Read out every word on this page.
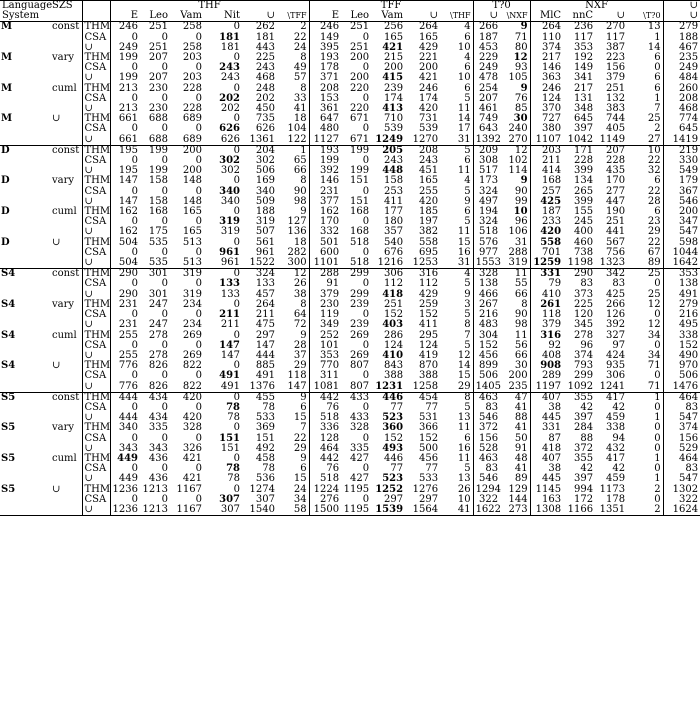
Language	SZS		THF						TFF					T?0		NXF				∪
System			E	Leo	Vam	Nit	∪	\TFF	E	Leo	Vam	∪	\THF	∪	\NXF	MlC	nnC	∪	\T?0	∪
M	const	THM	246	251	258	0	262	2	246	251	256	264	4	266	9	264	236	270	13	279
		CSA	0	0	0	181	181	22	149	0	165	165	6	187	71	110	117	117	1	188
		∪	249	251	258	181	443	24	395	251	421	429	10	453	80	374	353	387	14	467
M	vary	THM	199	207	203	0	225	8	193	200	215	221	4	229	12	217	192	223	6	235
		CSA	0	0	0	243	243	49	178	0	200	200	6	249	93	146	149	156	0	249
		∪	199	207	203	243	468	57	371	200	415	421	10	478	105	363	341	379	6	484
M	cuml	THM	213	230	228	0	248	8	208	220	239	246	6	254	9	246	217	251	6	260
		CSA	0	0	0	202	202	33	153	0	174	174	5	207	76	124	131	132	1	208
		∪	213	230	228	202	450	41	361	220	413	420	11	461	85	370	348	383	7	468
M	∪	THM	661	688	689	0	735	18	647	671	710	731	14	749	30	727	645	744	25	774
		CSA	0	0	0	626	626	104	480	0	539	539	17	643	240	380	397	405	2	645
		∪	661	688	689	626	1361	122	1127	671	1249	1270	31	1392	270	1107	1042	1149	27	1419
D	const	THM	195	199	200	0	204	1	193	199	205	208	5	209	12	203	171	207	10	219
		CSA	0	0	0	302	302	65	199	0	243	243	6	308	102	211	228	228	22	330
		∪	195	199	200	302	506	66	392	199	448	451	11	517	114	414	399	435	32	549
D	vary	THM	147	158	148	0	169	8	146	151	158	165	4	173	9	168	134	170	6	179
		CSA	0	0	0	340	340	90	231	0	253	255	5	324	90	257	265	277	22	367
		∪	147	158	148	340	509	98	377	151	411	420	9	497	99	425	399	447	28	546
D	cuml	THM	162	168	165	0	188	9	162	168	177	185	6	194	10	187	155	190	6	200
		CSA	0	0	0	319	319	127	170	0	180	197	5	324	96	233	245	251	23	347
		∪	162	175	165	319	507	136	332	168	357	382	11	518	106	420	400	441	29	547
D	∪	THM	504	535	513	0	561	18	501	518	540	558	15	576	31	558	460	567	22	598
		CSA	0	0	0	961	961	282	600	0	676	695	16	977	288	701	738	756	67	1044
		∪	504	535	513	961	1522	300	1101	518	1216	1253	31	1553	319	1259	1198	1323	89	1642
S4	const	THM	290	301	319	0	324	12	288	299	306	316	4	328	11	331	290	342	25	353
		CSA	0	0	0	133	133	26	91	0	112	112	5	138	55	79	83	83	0	138
		∪	290	301	319	133	457	38	379	299	418	429	9	466	66	410	373	425	25	491
S4	vary	THM	231	247	234	0	264	8	230	239	251	259	3	267	8	261	225	266	12	279
		CSA	0	0	0	211	211	64	119	0	152	152	5	216	90	118	120	126	0	216
		∪	231	247	234	211	475	72	349	239	403	411	8	483	98	379	345	392	12	495
S4	cuml	THM	255	278	269	0	297	9	252	269	286	295	7	304	11	316	278	327	34	338
		CSA	0	0	0	147	147	28	101	0	124	124	5	152	56	92	96	97	0	152
		∪	255	278	269	147	444	37	353	269	410	419	12	456	66	408	374	424	34	490
S4	∪	THM	776	826	822	0	885	29	770	807	843	870	14	899	30	908	793	935	71	970
		CSA	0	0	0	491	491	118	311	0	388	388	15	506	200	289	299	306	0	506
		∪	776	826	822	491	1376	147	1081	807	1231	1258	29	1405	235	1197	1092	1241	71	1476
S5	const	THM	444	434	420	0	455	9	442	433	446	454	8	463	47	407	355	417	1	464
		CSA	0	0	0	78	78	6	76	0	77	77	5	83	41	38	42	42	0	83
		∪	444	434	420	78	533	15	518	433	523	531	13	546	88	445	397	459	1	547
S5	vary	THM	340	335	328	0	369	7	336	328	360	366	11	372	41	331	284	338	0	374
		CSA	0	0	0	151	151	22	128	0	152	152	6	156	50	87	88	94	0	156
		∪	343	343	326	151	492	29	464	335	493	500	16	528	91	418	372	432	0	529
S5	cuml	THM	449	436	421	0	458	9	442	427	446	456	11	463	48	407	355	417	1	464
		CSA	0	0	0	78	78	6	76	0	77	77	5	83	41	38	42	42	0	83
		∪	449	436	421	78	536	15	518	427	523	533	13	546	89	445	397	459	1	547
S5	∪	THM	1236	1213	1167	0	1274	24	1224	1195	1252	1276	26	1294	129	1145	994	1173	2	1302
		CSA	0	0	0	307	307	34	276	0	297	297	10	322	144	163	172	178	0	322
		∪	1236	1213	1167	307	1540	58	1500	1195	1539	1564	41	1622	273	1308	1166	1351	2	1624
